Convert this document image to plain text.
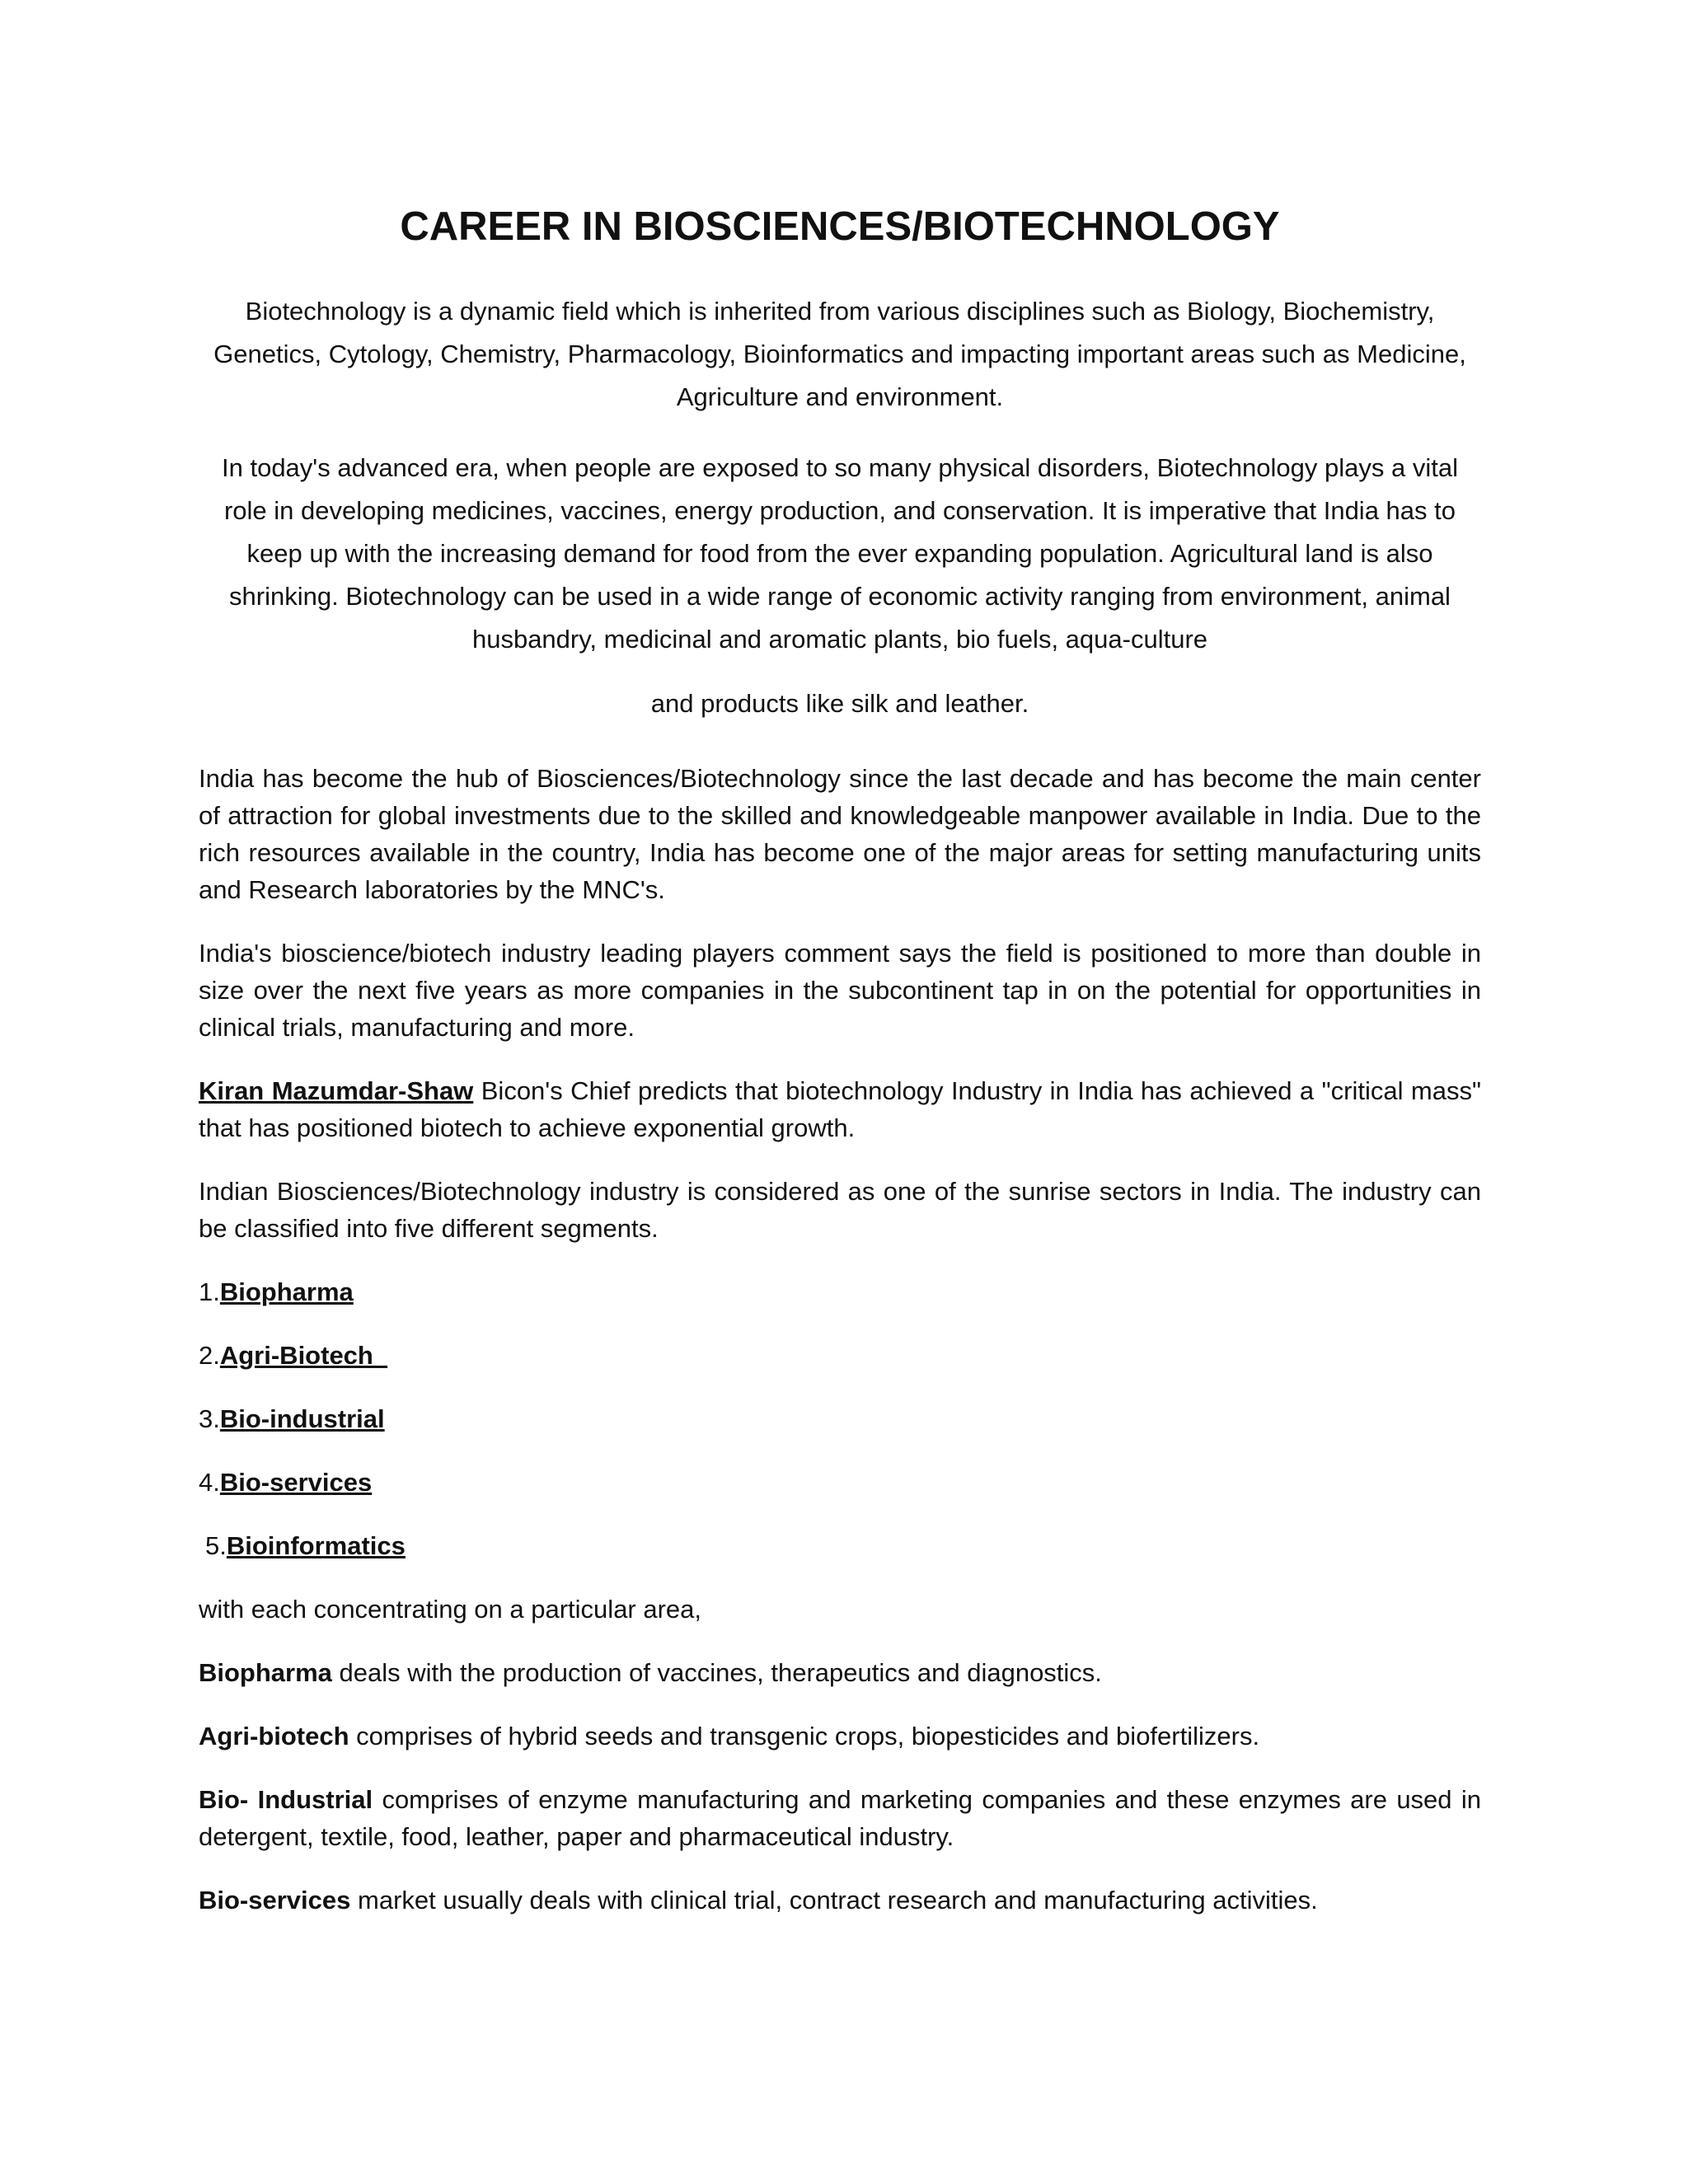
CAREER IN BIOSCIENCES/BIOTECHNOLOGY

Biotechnology is a dynamic field which is inherited from various disciplines such as Biology, Biochemistry, Genetics, Cytology, Chemistry, Pharmacology, Bioinformatics and impacting important areas such as Medicine, Agriculture and environment.

In today's advanced era, when people are exposed to so many physical disorders, Biotechnology plays a vital role in developing medicines, vaccines, energy production, and conservation. It is imperative that India has to keep up with the increasing demand for food from the ever expanding population. Agricultural land is also shrinking. Biotechnology can be used in a wide range of economic activity ranging from environment, animal husbandry, medicinal and aromatic plants, bio fuels, aqua-culture

and products like silk and leather.

India has become the hub of Biosciences/Biotechnology since the last decade and has become the main center of attraction for global investments due to the skilled and knowledgeable manpower available in India. Due to the rich resources available in the country, India has become one of the major areas for setting manufacturing units and Research laboratories by the MNC's.

India's bioscience/biotech industry leading players comment says the field is positioned to more than double in size over the next five years as more companies in the subcontinent tap in on the potential for opportunities in clinical trials, manufacturing and more.

Kiran Mazumdar-Shaw Bicon's Chief predicts that biotechnology Industry in India has achieved a "critical mass" that has positioned biotech to achieve exponential growth.

Indian Biosciences/Biotechnology industry is considered as one of the sunrise sectors in India. The industry can be classified into five different segments.

1.Biopharma

2.Agri-Biotech

3.Bio-industrial

4.Bio-services

5.Bioinformatics

with each concentrating on a particular area,

Biopharma deals with the production of vaccines, therapeutics and diagnostics.

Agri-biotech comprises of hybrid seeds and transgenic crops, biopesticides and biofertilizers.

Bio- Industrial comprises of enzyme manufacturing and marketing companies and these enzymes are used in detergent, textile, food, leather, paper and pharmaceutical industry.

Bio-services market usually deals with clinical trial, contract research and manufacturing activities.
